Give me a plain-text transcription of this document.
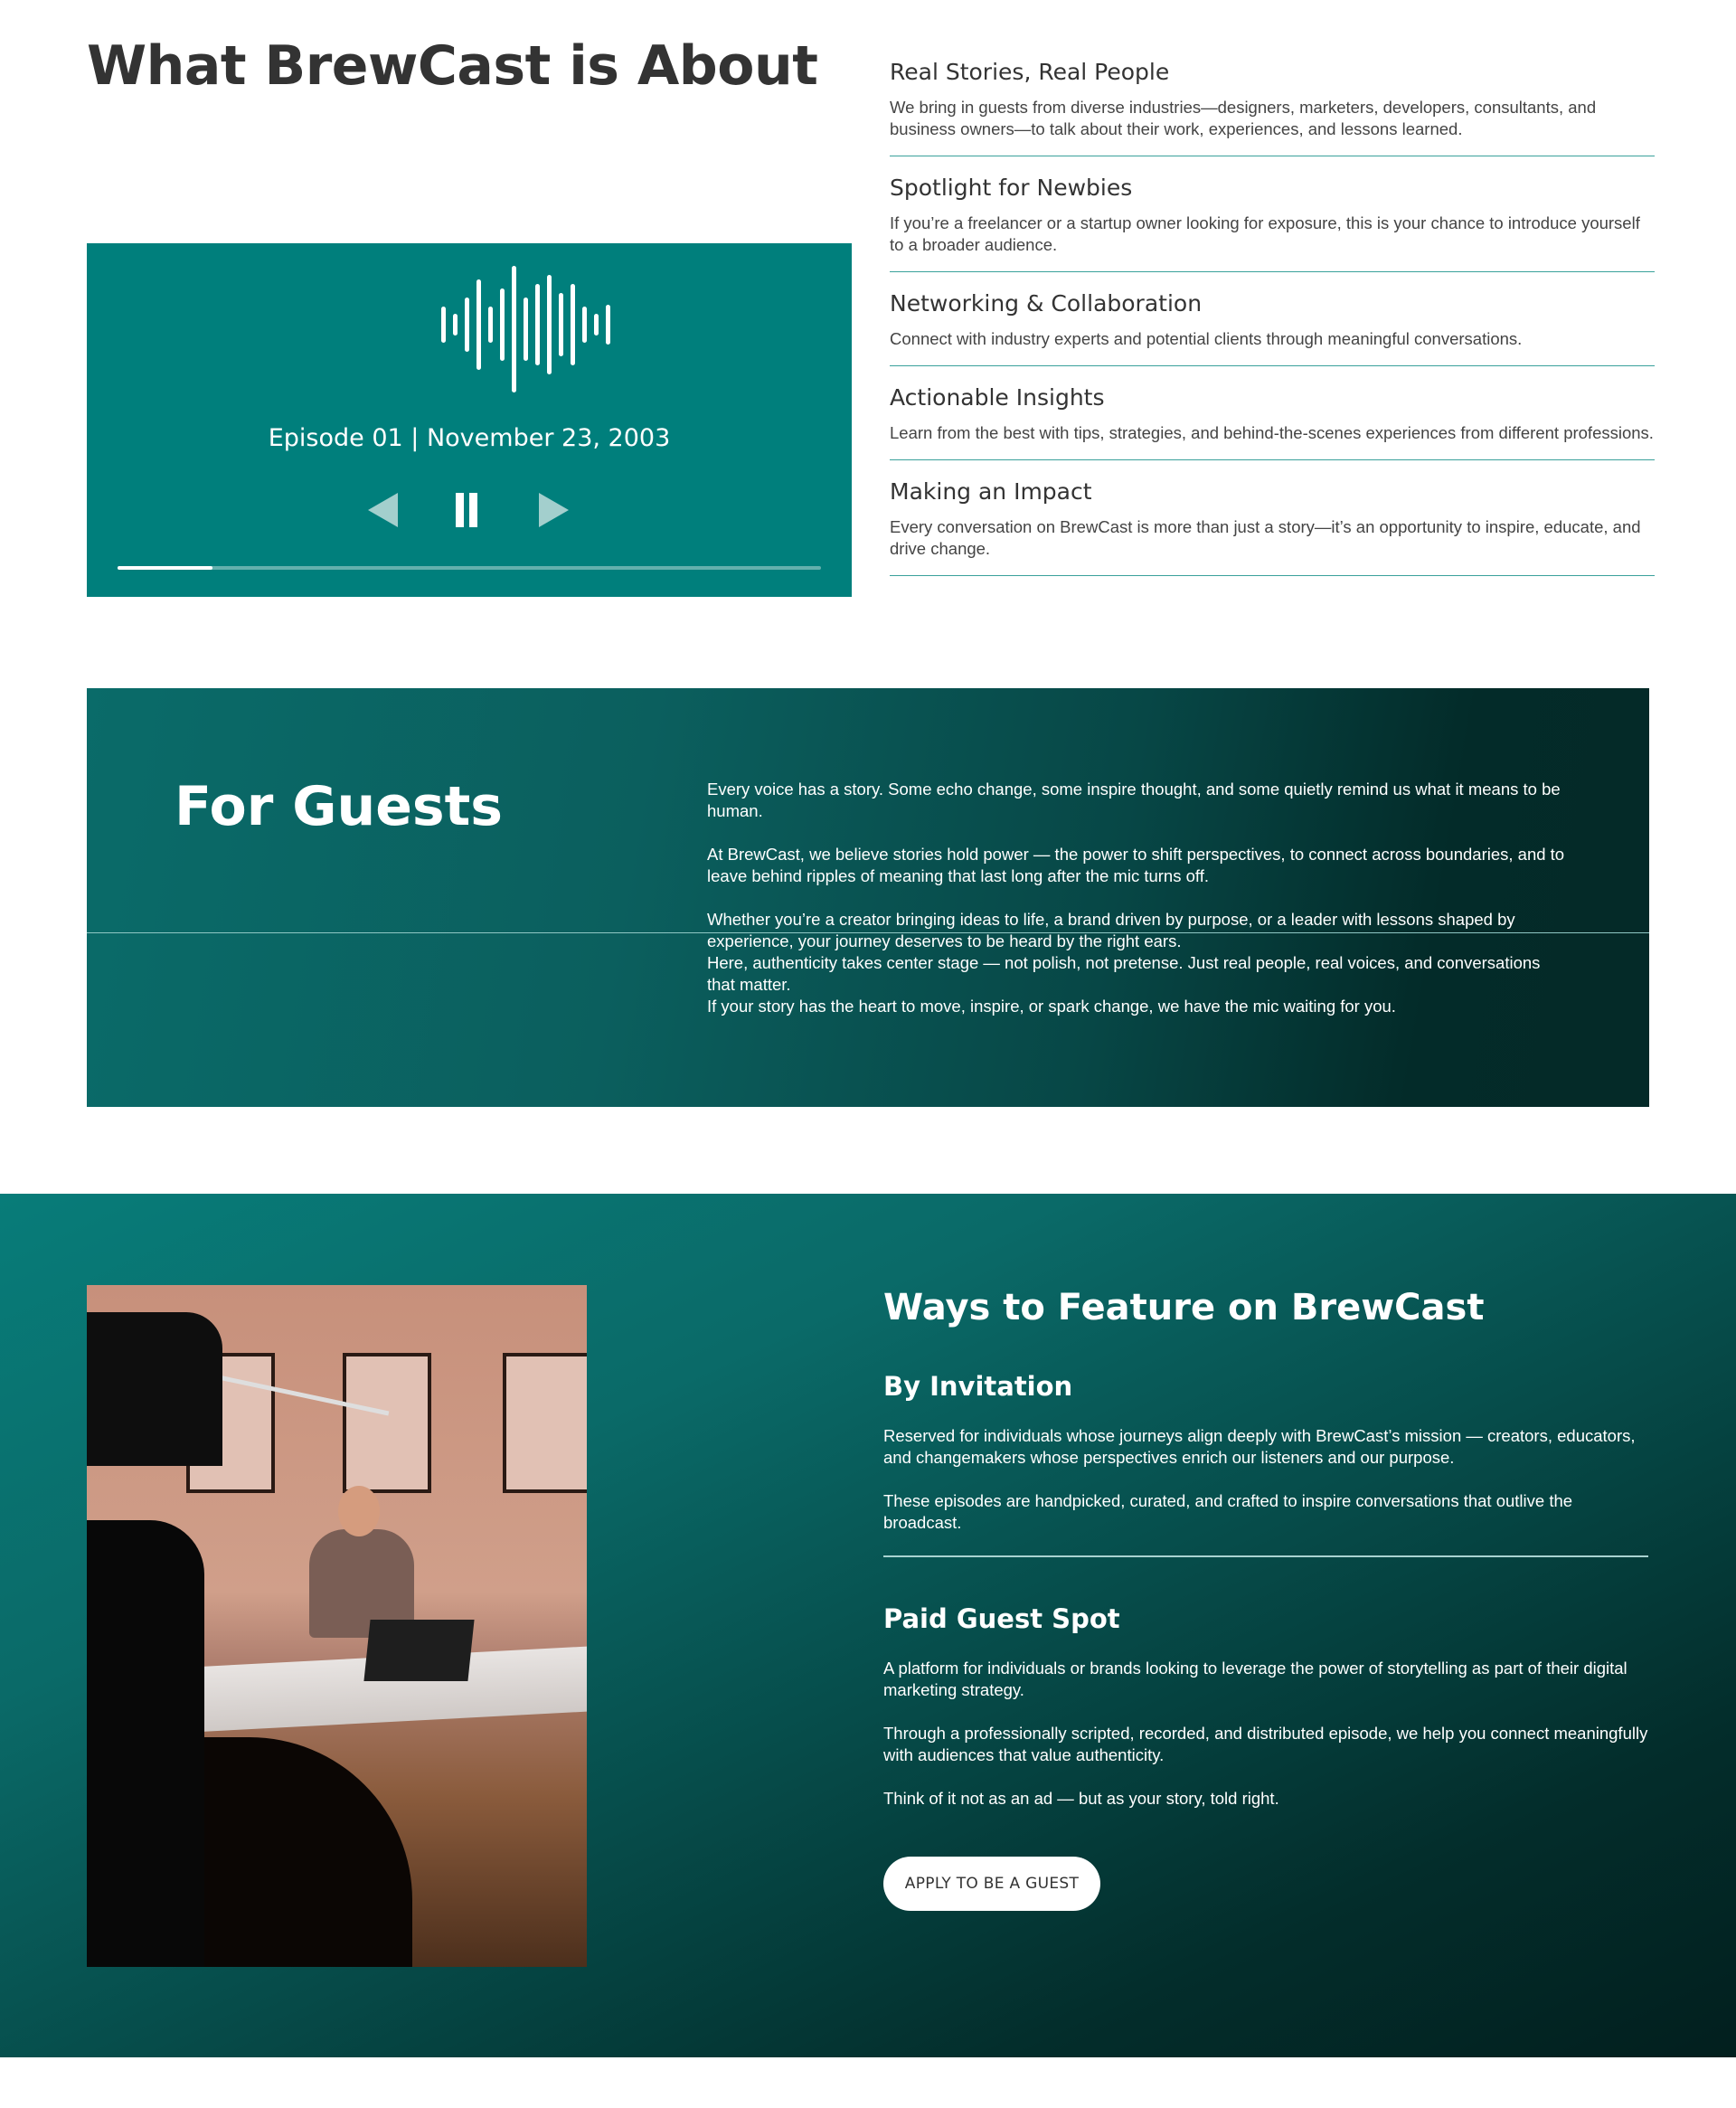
What BrewCast is About
Episode 01 | November 23, 2003
Real Stories, Real People

We bring in guests from diverse industries—designers, marketers, developers, consultants, and business owners—to talk about their work, experiences, and lessons learned.

Spotlight for Newbies

If you’re a freelancer or a startup owner looking for exposure, this is your chance to introduce yourself to a broader audience.

Networking & Collaboration

Connect with industry experts and potential clients through meaningful conversations.

Actionable Insights

Learn from the best with tips, strategies, and behind-the-scenes experiences from different professions.

Making an Impact

Every conversation on BrewCast is more than just a story—it’s an opportunity to inspire, educate, and drive change.

For Guests	Every voice has a story. Some echo change, some inspire thought, and some quietly remind us what it means to be human.

At BrewCast, we believe stories hold power — the power to shift perspectives, to connect across boundaries, and to leave behind ripples of meaning that last long after the mic turns off.

Whether you’re a creator bringing ideas to life, a brand driven by purpose, or a leader with lessons shaped by experience, your journey deserves to be heard by the right ears.

Here, authenticity takes center stage — not polish, not pretense. Just real people, real voices, and conversations that matter.

If your story has the heart to move, inspire, or spark change, we have the mic waiting for you.

Ways to Feature on BrewCast
By Invitation

Reserved for individuals whose journeys align deeply with BrewCast’s mission — creators, educators, and changemakers whose perspectives enrich our listeners and our purpose.

These episodes are handpicked, curated, and crafted to inspire conversations that outlive the broadcast.

Paid Guest Spot

A platform for individuals or brands looking to leverage the power of storytelling as part of their digital marketing strategy.

Through a professionally scripted, recorded, and distributed episode, we help you connect meaningfully with audiences that value authenticity.

Think of it not as an ad — but as your story, told right.

APPLY TO BE A GUEST
